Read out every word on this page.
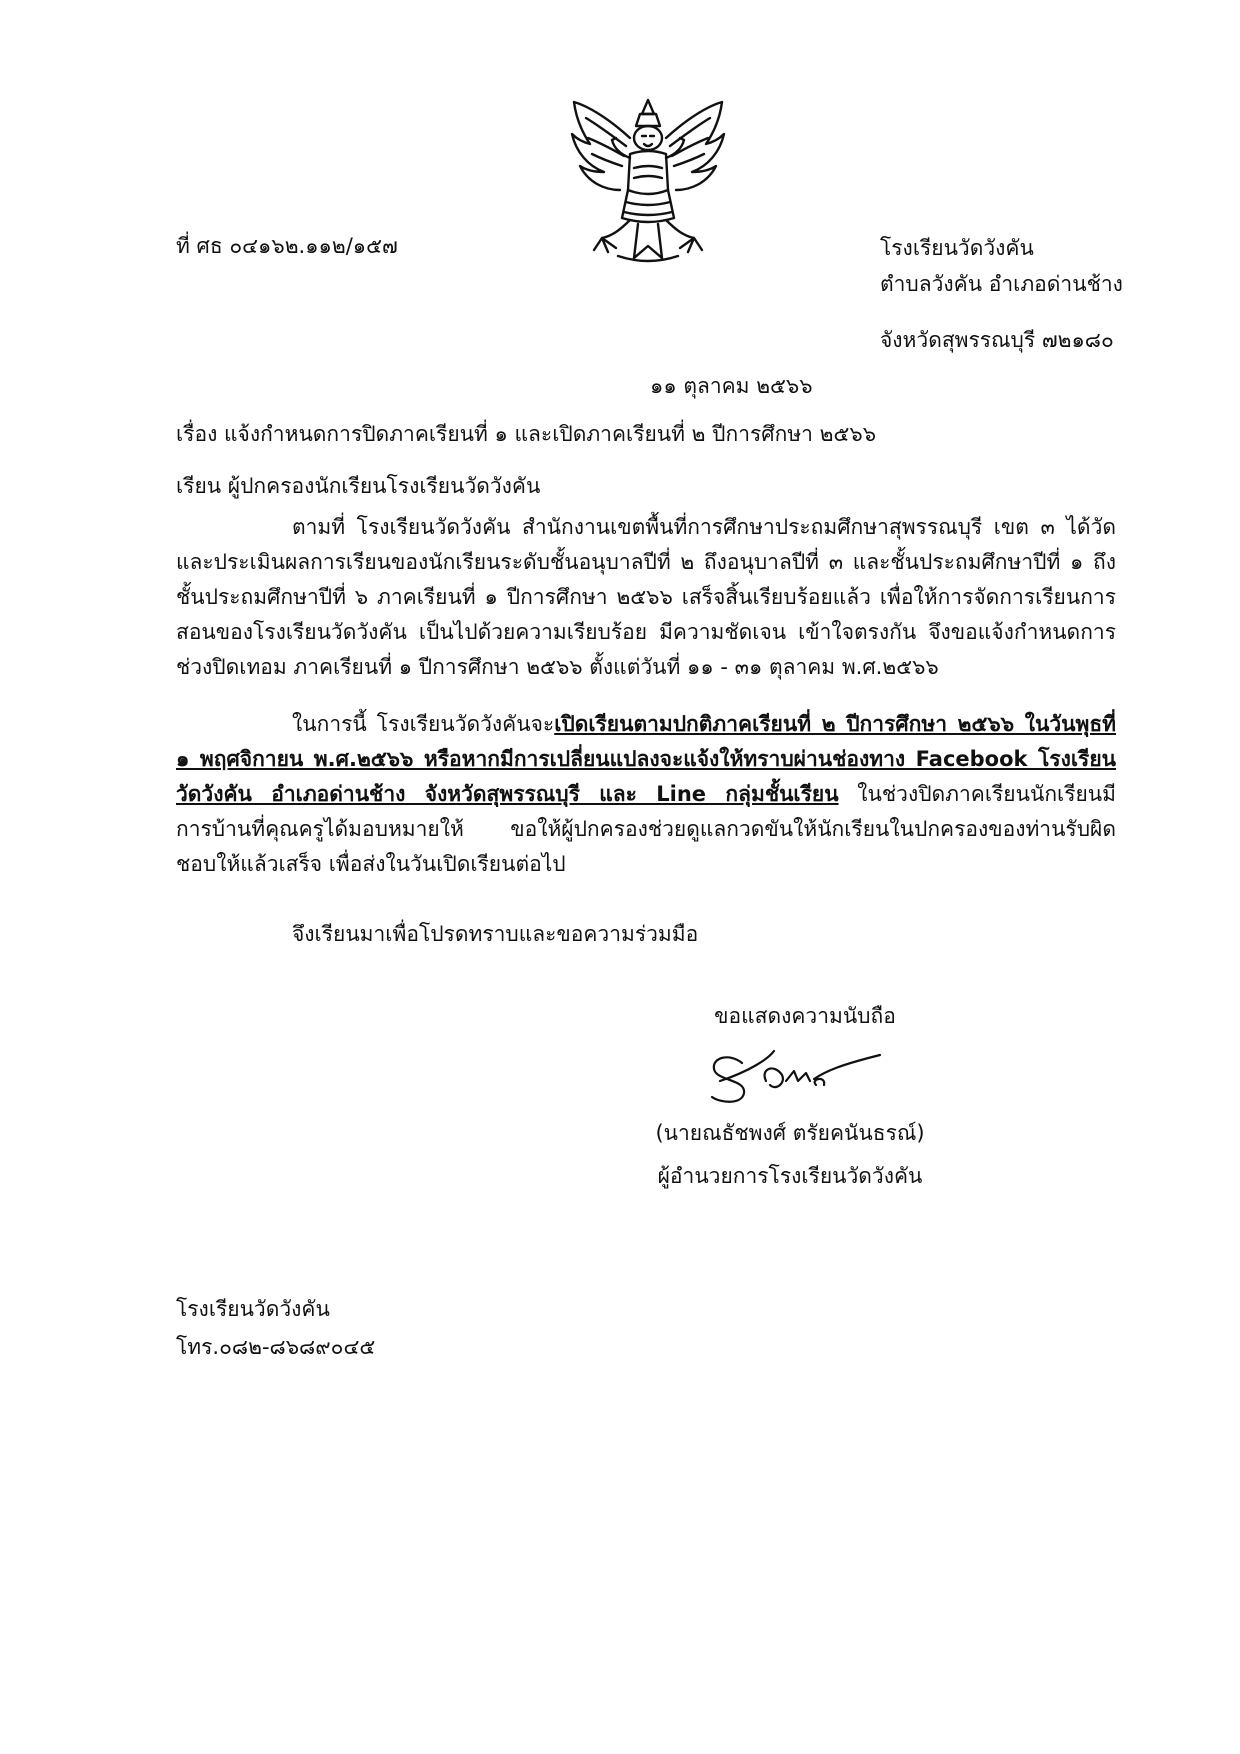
ที่ ศธ ๐๔๑๖๒.๑๑๒/๑๕๗	โรงเรียนวัดวังคัน
ตำบลวังคัน อำเภอด่านช้าง
จังหวัดสุพรรณบุรี ๗๒๑๘๐
๑๑ ตุลาคม ๒๕๖๖
เรื่อง แจ้งกำหนดการปิดภาคเรียนที่ ๑ และเปิดภาคเรียนที่ ๒ ปีการศึกษา ๒๕๖๖
เรียน ผู้ปกครองนักเรียนโรงเรียนวัดวังคัน

ตามที่ โรงเรียนวัดวังคัน สำนักงานเขตพื้นที่การศึกษาประถมศึกษาสุพรรณบุรี เขต ๓ ได้วัดและประเมินผลการเรียนของนักเรียนระดับชั้นอนุบาลปีที่ ๒ ถึงอนุบาลปีที่ ๓ และชั้นประถมศึกษาปีที่ ๑ ถึงชั้นประถมศึกษาปีที่ ๖ ภาคเรียนที่ ๑ ปีการศึกษา ๒๕๖๖ เสร็จสิ้นเรียบร้อยแล้ว เพื่อให้การจัดการเรียนการสอนของโรงเรียนวัดวังคัน เป็นไปด้วยความเรียบร้อย มีความชัดเจน เข้าใจตรงกัน จึงขอแจ้งกำหนดการช่วงปิดเทอม ภาคเรียนที่ ๑ ปีการศึกษา ๒๕๖๖ ตั้งแต่วันที่ ๑๑ - ๓๑ ตุลาคม พ.ศ.๒๕๖๖

ในการนี้ โรงเรียนวัดวังคันจะเปิดเรียนตามปกติภาคเรียนที่ ๒ ปีการศึกษา ๒๕๖๖ ในวันพุธที่ ๑ พฤศจิกายน พ.ศ.๒๕๖๖ หรือหากมีการเปลี่ยนแปลงจะแจ้งให้ทราบผ่านช่องทาง Facebook โรงเรียนวัดวังคัน อำเภอด่านช้าง จังหวัดสุพรรณบุรี และ Line กลุ่มชั้นเรียน ในช่วงปิดภาคเรียนนักเรียนมีการบ้านที่คุณครูได้มอบหมายให้ ขอให้ผู้ปกครองช่วยดูแลกวดขันให้นักเรียนในปกครองของท่านรับผิดชอบให้แล้วเสร็จ เพื่อส่งในวันเปิดเรียนต่อไป

จึงเรียนมาเพื่อโปรดทราบและขอความร่วมมือ
ขอแสดงความนับถือ
(นายณธัชพงศ์ ตรัยคนันธรณ์)
ผู้อำนวยการโรงเรียนวัดวังคัน
โรงเรียนวัดวังคัน
โทร.๐๘๒-๘๖๘๙๐๔๕
